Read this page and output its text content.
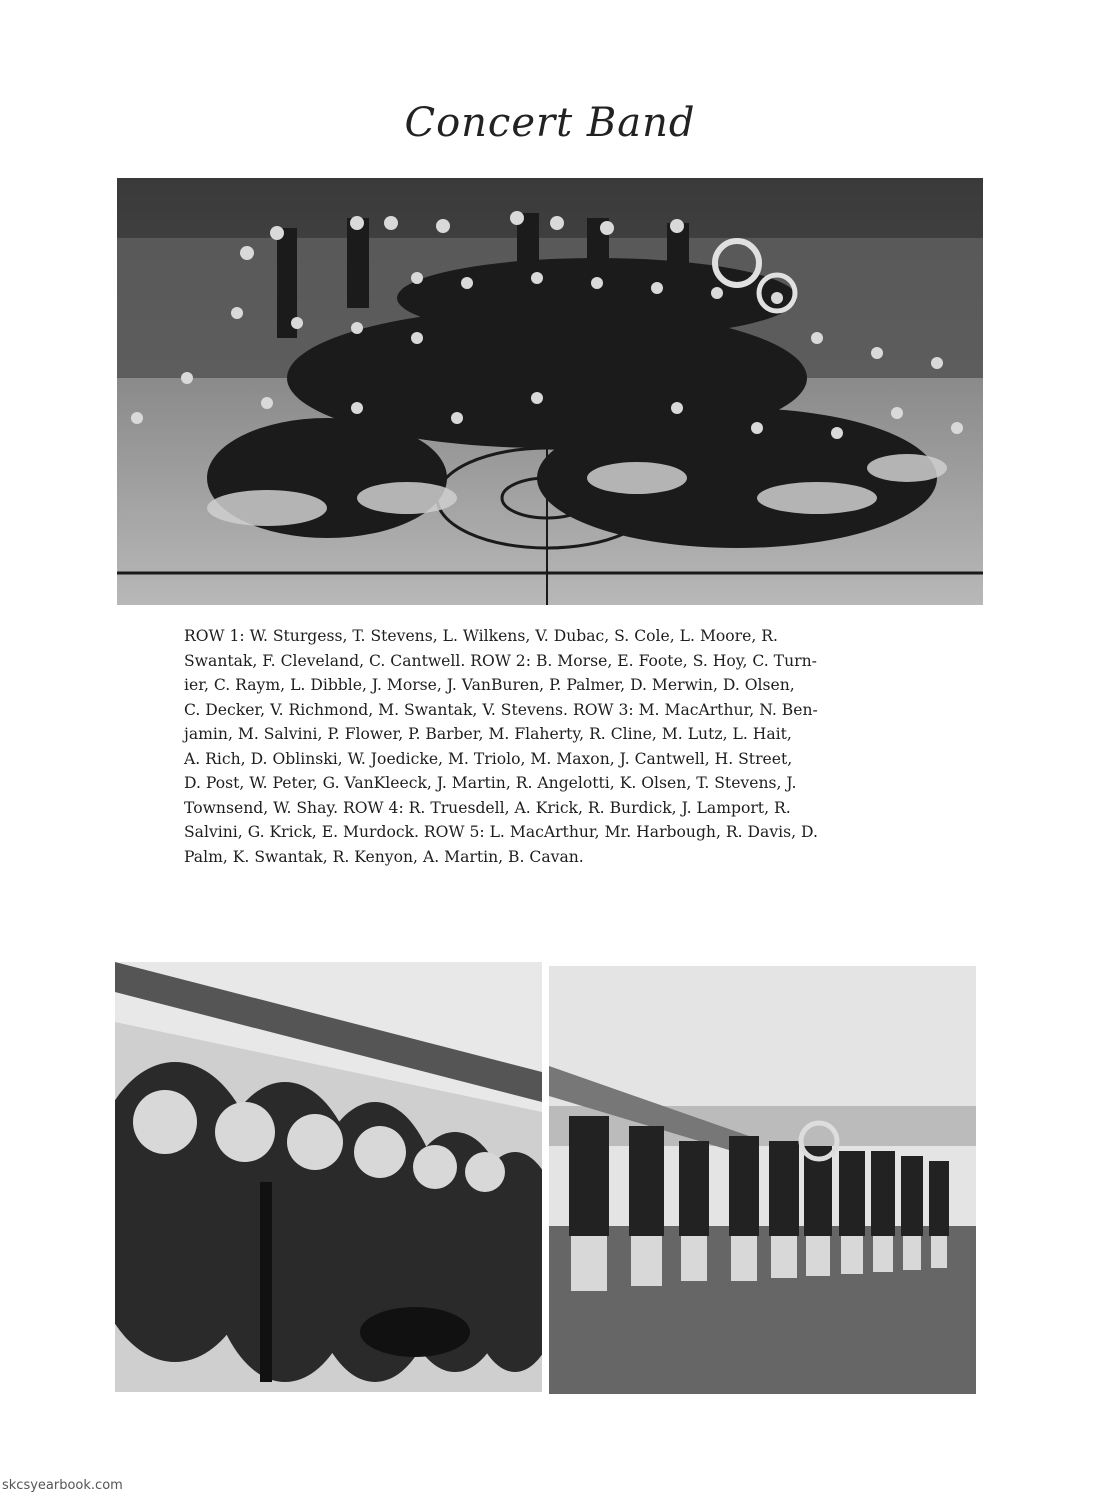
Concert Band
ROW 1: W. Sturgess, T. Stevens, L. Wilkens, V. Dubac, S. Cole, L. Moore, R.
Swantak, F. Cleveland, C. Cantwell. ROW 2: B. Morse, E. Foote, S. Hoy, C. Turn-
ier, C. Raym, L. Dibble, J. Morse, J. VanBuren, P. Palmer, D. Merwin, D. Olsen,
C. Decker, V. Richmond, M. Swantak, V. Stevens. ROW 3: M. MacArthur, N. Ben-
jamin, M. Salvini, P. Flower, P. Barber, M. Flaherty, R. Cline, M. Lutz, L. Hait,
A. Rich, D. Oblinski, W. Joedicke, M. Triolo, M. Maxon, J. Cantwell, H. Street,
D. Post, W. Peter, G. VanKleeck, J. Martin, R. Angelotti, K. Olsen, T. Stevens, J.
Townsend, W. Shay. ROW 4: R. Truesdell, A. Krick, R. Burdick, J. Lamport, R.
Salvini, G. Krick, E. Murdock. ROW 5: L. MacArthur, Mr. Harbough, R. Davis, D.
Palm, K. Swantak, R. Kenyon, A. Martin, B. Cavan.
skcsyearbook.com
